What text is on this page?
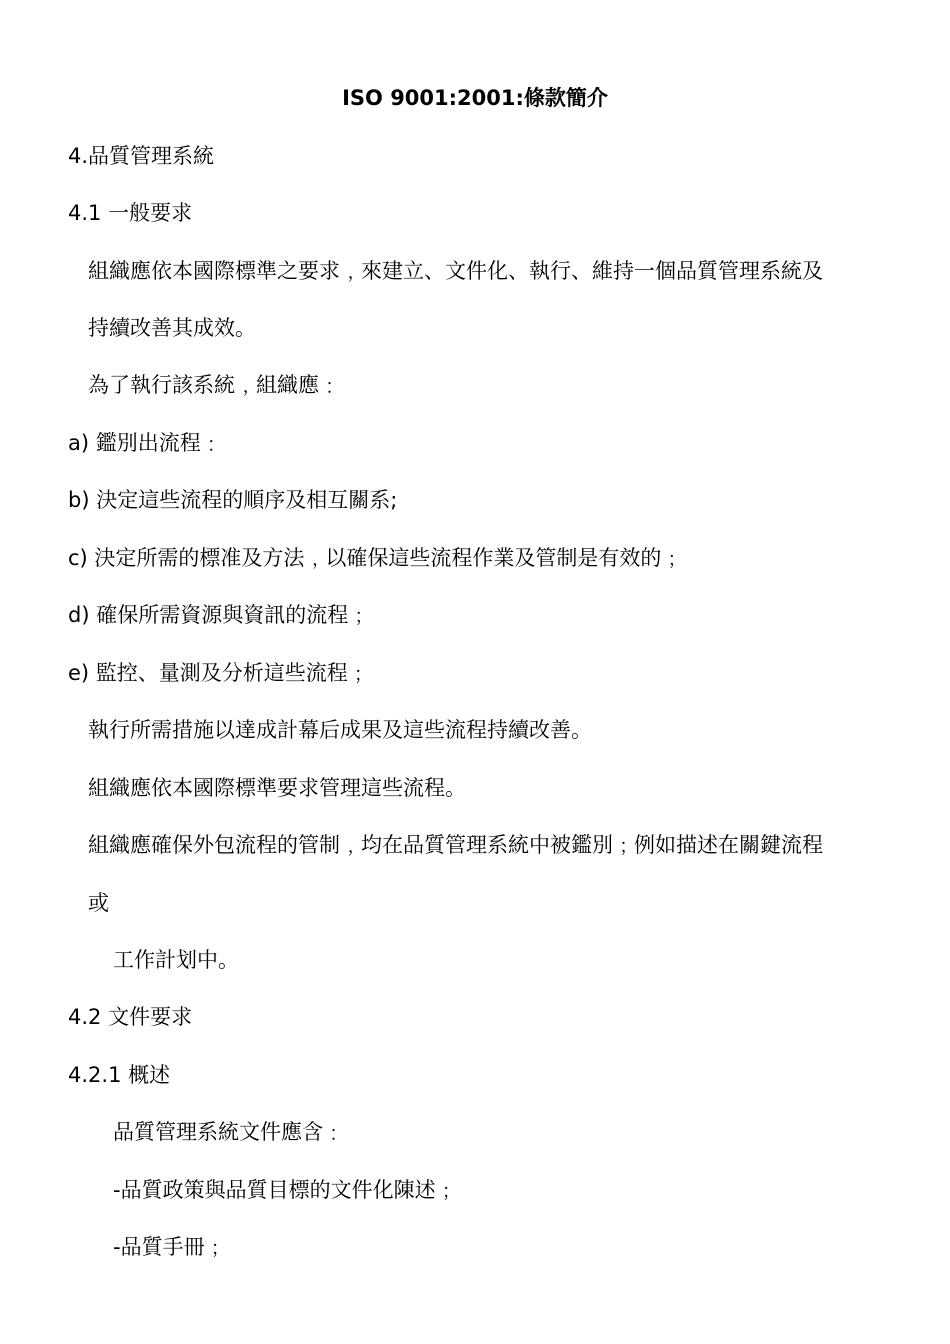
ISO 9001:2001:條款簡介
4.品質管理系統
4.1 一般要求
組織應依本國際標準之要求﹐來建立、文件化、執行、維持一個品質管理系統及
持續改善其成效。
為了執行該系統﹐組織應﹕
a) 鑑別出流程﹕
b) 決定這些流程的順序及相互關系;
c) 決定所需的標准及方法﹐以確保這些流程作業及管制是有效的﹔
d) 確保所需資源與資訊的流程﹔
e) 監控、量測及分析這些流程﹔
執行所需措施以達成計幕后成果及這些流程持續改善。
組織應依本國際標準要求管理這些流程。
組織應確保外包流程的管制﹐均在品質管理系統中被鑑別﹔例如描述在關鍵流程
或
工作計划中。
4.2 文件要求
4.2.1 概述
品質管理系統文件應含﹕
-品質政策與品質目標的文件化陳述﹔
-品質手冊﹔
